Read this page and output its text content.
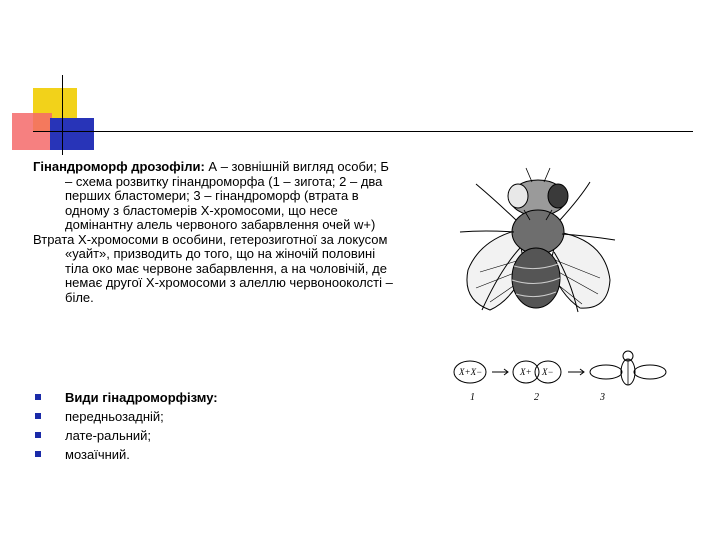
Гінандроморф дрозофіли: А – зовнішній вигляд особи; Б – схема розвитку гінандроморфа (1 – зигота; 2 – два перших бластомери; 3 – гінандроморф (втрата в одному з бластомерів X-хромосоми, що несе домінантну алель червоного забарвлення очей w+)

Втрата X-хромосоми в особини, гетерозиготної за локусом «уайт», призводить до того, що на жіночій половині тіла око має червоне забарвлення, а на чоловічій, де немає другої X-хромосоми з алеллю червонооколсті – біле.

Види гінадроморфізму:
передньозадній;
лате-ральний;
мозаїчний.
X+X−	X+ X−
1	2	3
